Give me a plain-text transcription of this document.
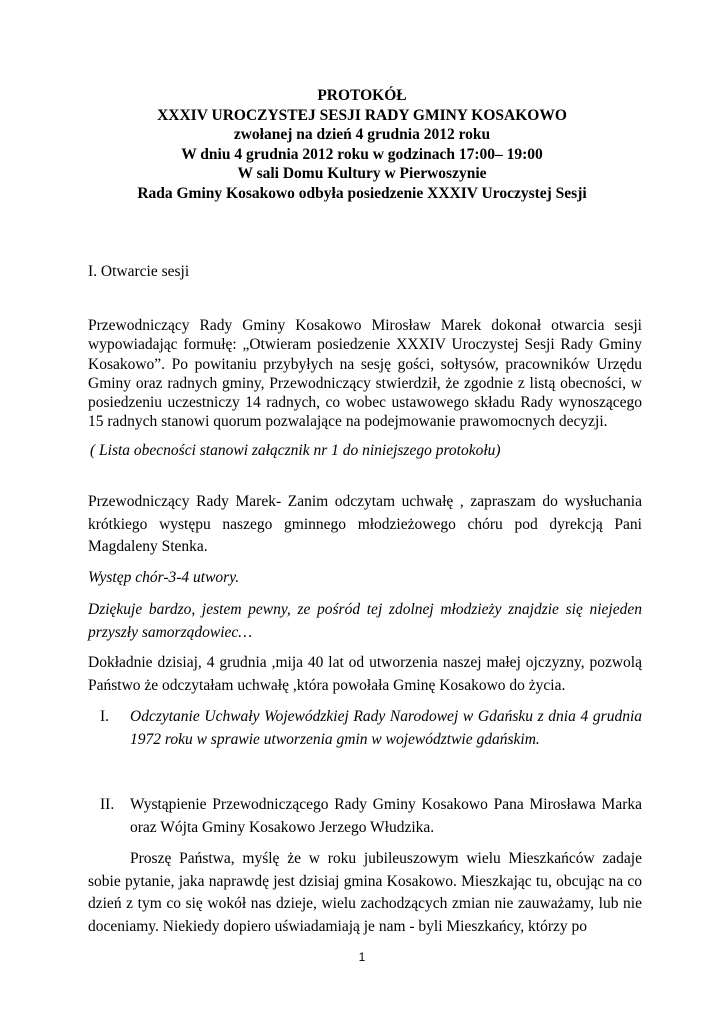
PROTOKÓŁ
XXXIV UROCZYSTEJ SESJI RADY GMINY KOSAKOWO
zwołanej na dzień 4 grudnia 2012 roku
W dniu 4 grudnia 2012 roku w godzinach 17:00– 19:00
W sali Domu Kultury w Pierwoszynie
Rada Gminy Kosakowo odbyła posiedzenie XXXIV Uroczystej Sesji
I. Otwarcie sesji
Przewodniczący Rady Gminy Kosakowo Mirosław Marek dokonał otwarcia sesji wypowiadając formułę: „Otwieram posiedzenie XXXIV Uroczystej Sesji Rady Gminy Kosakowo”. Po powitaniu przybyłych na sesję gości, sołtysów, pracowników Urzędu Gminy oraz radnych gminy, Przewodniczący stwierdził, że zgodnie z listą obecności, w posiedzeniu uczestniczy 14 radnych, co wobec ustawowego składu Rady wynoszącego 15 radnych stanowi quorum pozwalające na podejmowanie prawomocnych decyzji.
( Lista obecności stanowi załącznik nr 1 do niniejszego protokołu)
Przewodniczący Rady Marek- Zanim odczytam uchwałę , zapraszam do wysłuchania krótkiego występu naszego gminnego młodzieżowego chóru pod dyrekcją Pani Magdaleny Stenka.
Występ chór-3-4 utwory.
Dziękuje bardzo, jestem pewny, ze pośród tej zdolnej młodzieży znajdzie się niejeden przyszły samorządowiec…
Dokładnie dzisiaj, 4 grudnia ,mija 40 lat od utworzenia naszej małej ojczyzny, pozwolą Państwo że odczytałam uchwałę ,która powołała Gminę Kosakowo do życia.
I. Odczytanie Uchwały Wojewódzkiej Rady Narodowej w Gdańsku z dnia 4 grudnia 1972 roku w sprawie utworzenia gmin w województwie gdańskim.
II. Wystąpienie Przewodniczącego Rady Gminy Kosakowo Pana Mirosława Marka oraz Wójta Gminy Kosakowo Jerzego Włudzika.
Proszę Państwa, myślę że w roku jubileuszowym wielu Mieszkańców zadaje sobie pytanie, jaka naprawdę jest dzisiaj gmina Kosakowo. Mieszkając tu, obcując na co dzień z tym co się wokół nas dzieje, wielu zachodzących zmian nie zauważamy, lub nie doceniamy. Niekiedy dopiero uświadamiają je nam - byli Mieszkańcy, którzy po
1
